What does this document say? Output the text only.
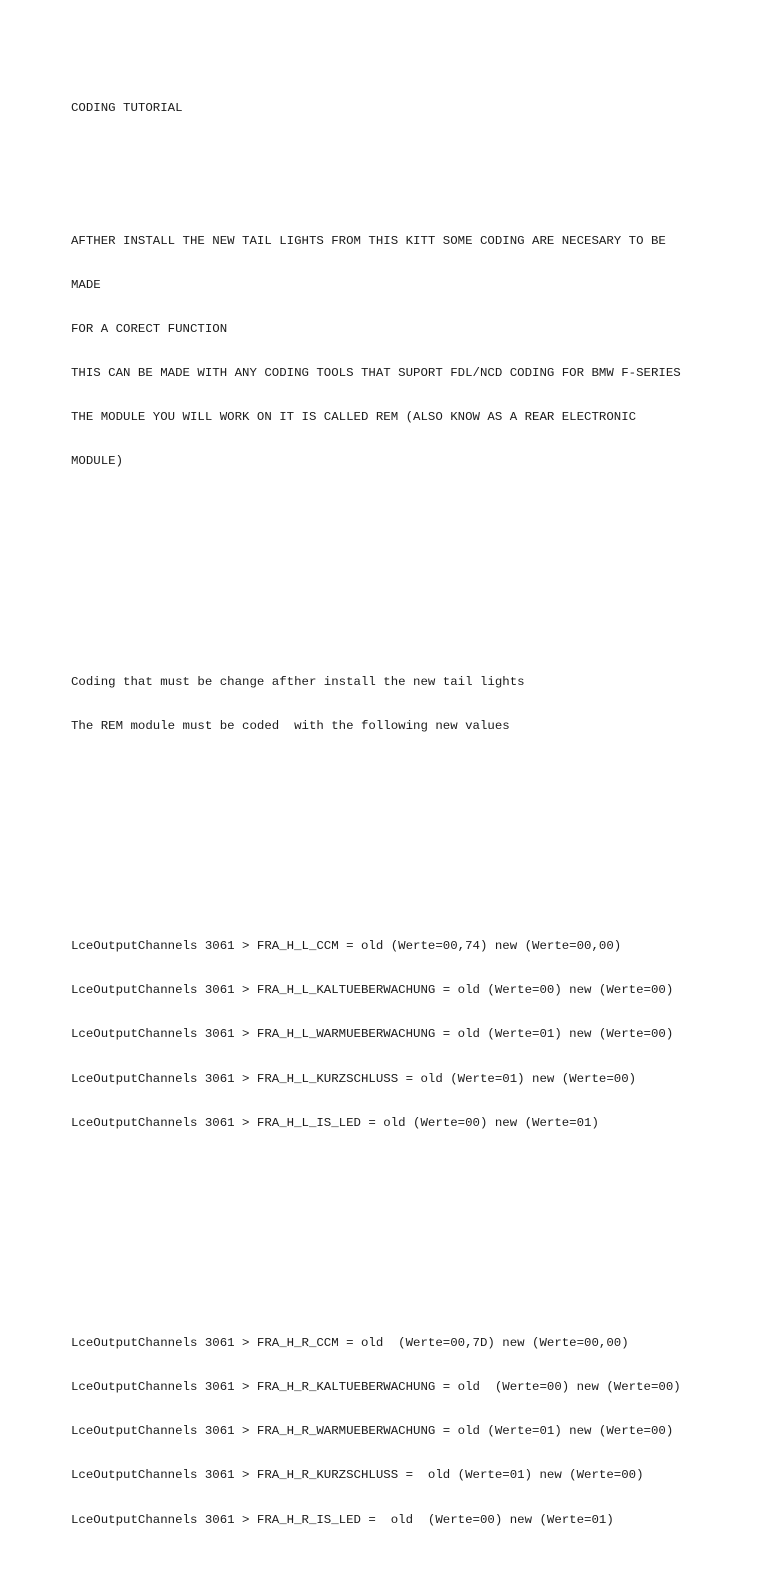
CODING TUTORIAL

AFTHER INSTALL THE NEW TAIL LIGHTS FROM THIS KITT SOME CODING ARE NECESARY TO BE

MADE

FOR A CORECT FUNCTION

THIS CAN BE MADE WITH ANY CODING TOOLS THAT SUPORT FDL/NCD CODING FOR BMW F-SERIES

THE MODULE YOU WILL WORK ON IT IS CALLED REM (ALSO KNOW AS A REAR ELECTRONIC

MODULE)

Coding that must be change afther install the new tail lights

The REM module must be coded  with the following new values

LceOutputChannels 3061 > FRA_H_L_CCM = old (Werte=00,74) new (Werte=00,00)

LceOutputChannels 3061 > FRA_H_L_KALTUEBERWACHUNG = old (Werte=00) new (Werte=00)

LceOutputChannels 3061 > FRA_H_L_WARMUEBERWACHUNG = old (Werte=01) new (Werte=00)

LceOutputChannels 3061 > FRA_H_L_KURZSCHLUSS = old (Werte=01) new (Werte=00)

LceOutputChannels 3061 > FRA_H_L_IS_LED = old (Werte=00) new (Werte=01)

LceOutputChannels 3061 > FRA_H_R_CCM = old  (Werte=00,7D) new (Werte=00,00)

LceOutputChannels 3061 > FRA_H_R_KALTUEBERWACHUNG = old  (Werte=00) new (Werte=00)

LceOutputChannels 3061 > FRA_H_R_WARMUEBERWACHUNG = old (Werte=01) new (Werte=00)

LceOutputChannels 3061 > FRA_H_R_KURZSCHLUSS =  old (Werte=01) new (Werte=00)

LceOutputChannels 3061 > FRA_H_R_IS_LED =  old  (Werte=00) new (Werte=01)
